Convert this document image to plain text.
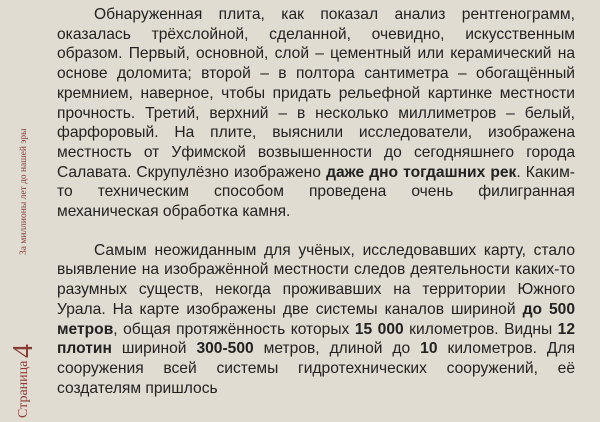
За миллионы лет до нашей эры
Страница4

Обнаруженная плита, как показал анализ рентгенограмм, оказалась трёхслойной, сделанной, очевидно, искусственным образом. Первый, основной, слой – цементный или керамический на основе доломита; второй – в полтора сантиметра – обогащённый кремнием, наверное, чтобы придать рельефной картинке местности прочность. Третий, верхний – в несколько миллиметров – белый, фарфоровый. На плите, выяснили исследователи, изображена местность от Уфимской возвышенности до сегодняшнего города Салавата. Скрупулёзно изображено даже дно тогдашних рек. Каким-то техническим способом проведена очень филигранная механическая обработка камня.

Самым неожиданным для учёных, исследовавших карту, стало выявление на изображённой местности следов деятельности каких-то разумных существ, некогда проживавших на территории Южного Урала. На карте изображены две системы каналов шириной до 500 метров, общая протяжённость которых 15 000 километров. Видны 12 плотин шириной 300-500 метров, длиной до 10 километров. Для сооружения всей системы гидротехнических сооружений, её создателям пришлось
